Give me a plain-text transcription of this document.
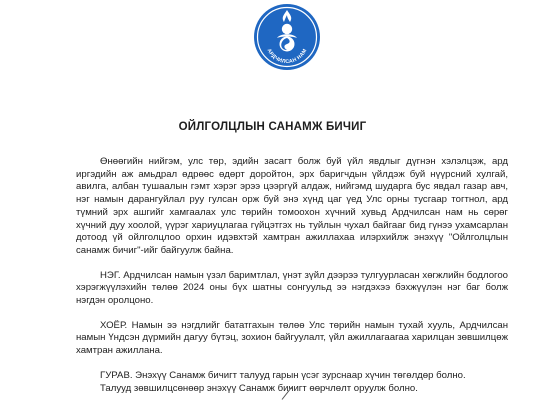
АРДЧИЛСАН НАМ
ОЙЛГОЛЦЛЫН САНАМЖ БИЧИГ

Өнөөгийн нийгэм, улс төр, эдийн засагт болж буй үйл явдлыг дүгнэн хэлэлцэж, ард иргэдийн аж амьдрал өдрөөс өдөрт доройтон, эрх баригчдын үйлдэж буй нүүрсний хулгай, авилга, албан тушаалын гэмт хэрэг эрээ цээргүй алдаж, нийгэмд шударга бус явдал газар авч, нэг намын дарангуйлал руу гулсан орж буй энэ хүнд цаг үед Улс орны тусгаар тогтнол, ард түмний эрх ашгийг хамгаалах улс төрийн томоохон хүчний хувьд Ардчилсан нам нь сөрөг хүчний дуу хоолой, үүрэг хариуцлагаа гүйцэтгэх нь туйлын чухал байгааг бид гүнээ ухамсарлан дотоод үй ойлголцлоо орхин идэвхтэй хамтран ажиллахаа илэрхийлж энэхүү "Ойлголцлын санамж бичиг"-ийг байгуулж байна.

НЭГ. Ардчилсан намын үзэл баримтлал, үнэт зүйл дээрээ тулгуурласан хөгжлийн бодлогоо хэрэгжүүлэхийн төлөө 2024 оны бүх шатны сонгуульд ээ нэгдэхээ бэхжүүлэн нэг баг болж нэгдэн оролцоно.

ХОЁР. Намын ээ нэгдлийг бататгахын төлөө Улс төрийн намын тухай хууль, Ардчилсан намын Үндсэн дүрмийн дагуу бүтэц, зохион байгуулалт, үйл ажиллагаагаа харилцан зөвшилцөж хамтран ажиллана.

ГУРАВ. Энэхүү Санамж бичигт талууд гарын үсэг зурснаар хүчин төгөлдөр болно.

Талууд зөвшилцсөнөөр энэхүү Санамж бичигт өөрчлөлт оруулж болно.
